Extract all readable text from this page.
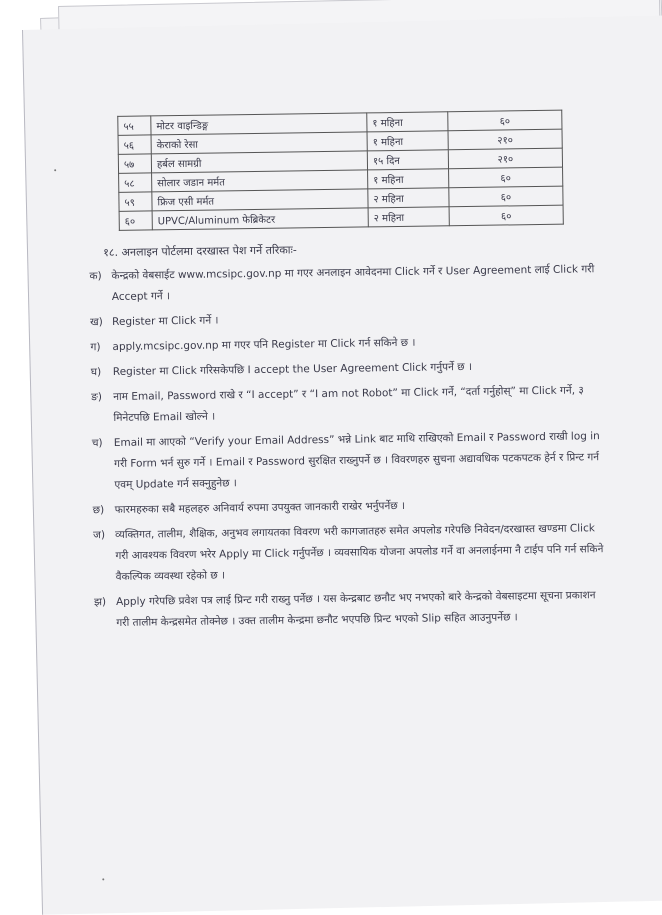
५५	मोटर वाइन्डिङ्ग	१ महिना	६०
५६	केराको रेसा	१ महिना	२१०
५७	हर्बल सामग्री	१५ दिन	२१०
५८	सोलार जडान मर्मत	१ महिना	६०
५९	फ्रिज एसी मर्मत	२ महिना	६०
६०	UPVC/Aluminum फेब्रिकेटर	२ महिना	६०
१८. अनलाइन पोर्टलमा दरखास्त पेश गर्ने तरिकाः-
क) केन्द्रको वेबसाईट www.mcsipc.gov.np मा गएर अनलाइन आवेदनमा Click गर्ने र User Agreement लाई Click गरी Accept गर्ने ।
ख) Register मा Click गर्ने ।
ग) apply.mcsipc.gov.np मा गएर पनि Register मा Click गर्न सकिने छ ।
घ) Register मा Click गरिसकेपछि I accept the User Agreement Click गर्नुपर्ने छ ।
ङ) नाम Email, Password राखे र “I accept” र “I am not Robot” मा Click गर्ने, “दर्ता गर्नुहोस्” मा Click गर्ने, ३ मिनेटपछि Email खोल्ने ।
च) Email मा आएको “Verify your Email Address” भन्ने Link बाट माथि राखिएको Email र Password राखी log in गरी Form भर्न सुरु गर्ने । Email र Password सुरक्षित राख्नुपर्ने छ । विवरणहरु सुचना अद्यावधिक पटकपटक हेर्न र प्रिन्ट गर्न एवम् Update गर्न सक्नुहुनेछ ।
छ) फारमहरुका सबै महलहरु अनिवार्य रुपमा उपयुक्त जानकारी राखेर भर्नुपर्नेछ ।
ज) व्यक्तिगत, तालीम, शैक्षिक, अनुभव लगायतका विवरण भरी कागजातहरु समेत अपलोड गरेपछि निवेदन/दरखास्त खण्डमा Click गरी आवश्यक विवरण भरेर Apply मा Click गर्नुपर्नेछ । व्यवसायिक योजना अपलोड गर्ने वा अनलाईनमा नै टाईप पनि गर्न सकिने वैकल्पिक व्यवस्था रहेको छ ।
झ) Apply गरेपछि प्रवेश पत्र लाई प्रिन्ट गरी राख्नु पर्नेछ । यस केन्द्रबाट छनौट भए नभएको बारे केन्द्रको वेबसाइटमा सूचना प्रकाशन गरी तालीम केन्द्रसमेत तोक्नेछ । उक्त तालीम केन्द्रमा छनौट भएपछि प्रिन्ट भएको Slip सहित आउनुपर्नेछ ।
